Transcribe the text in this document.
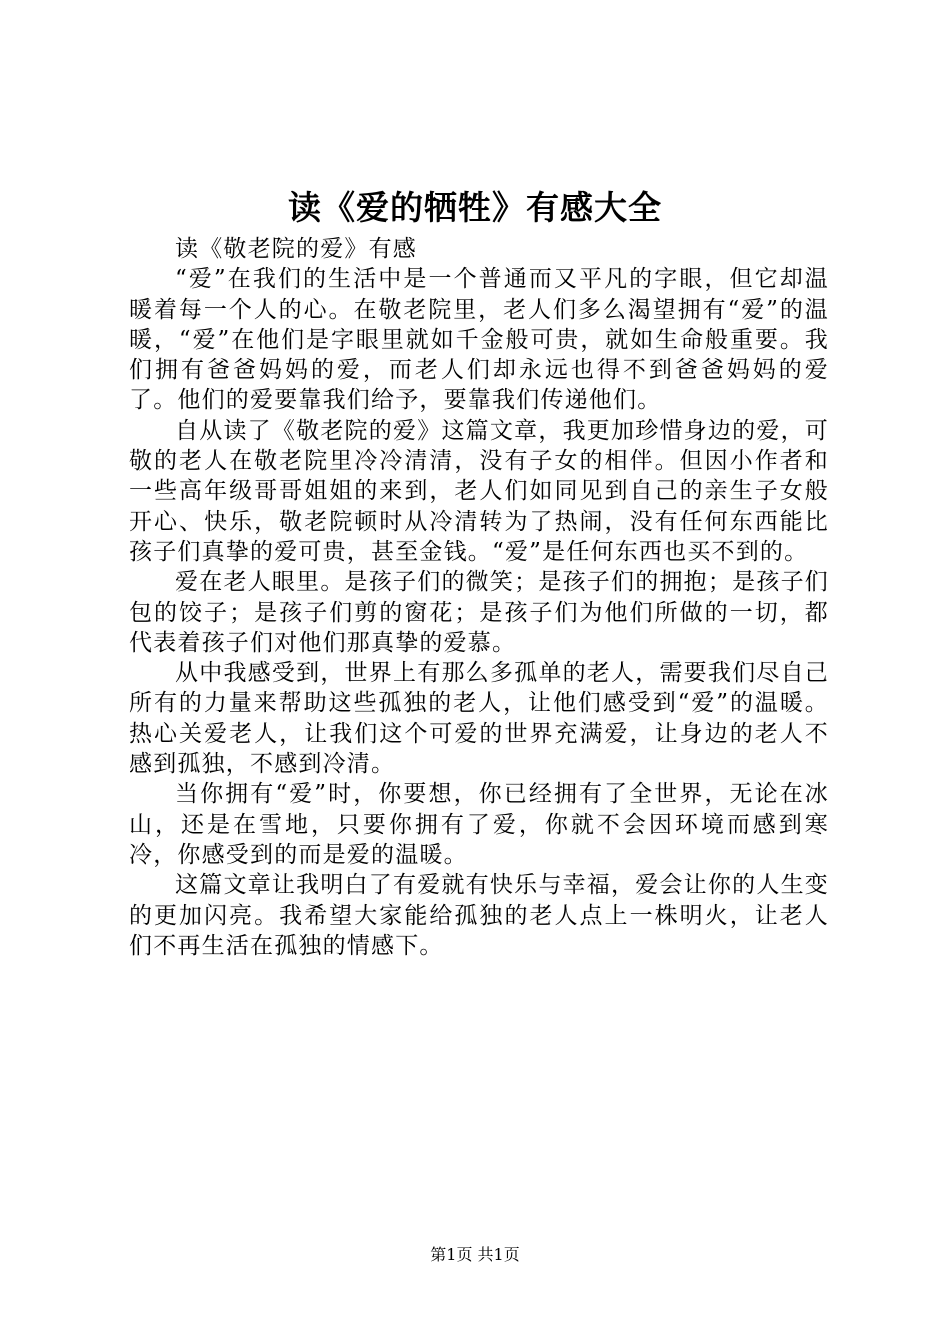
读《爱的牺牲》有感大全

读《敬老院的爱》有感

“爱”在我们的生活中是一个普通而又平凡的字眼，但它却温暖着每一个人的心。在敬老院里，老人们多么渴望拥有“爱”的温暖，“爱”在他们是字眼里就如千金般可贵，就如生命般重要。我们拥有爸爸妈妈的爱，而老人们却永远也得不到爸爸妈妈的爱了。他们的爱要靠我们给予，要靠我们传递他们。

自从读了《敬老院的爱》这篇文章，我更加珍惜身边的爱，可敬的老人在敬老院里冷冷清清，没有子女的相伴。但因小作者和一些高年级哥哥姐姐的来到，老人们如同见到自己的亲生子女般开心、快乐，敬老院顿时从冷清转为了热闹，没有任何东西能比孩子们真挚的爱可贵，甚至金钱。“爱”是任何东西也买不到的。

爱在老人眼里。是孩子们的微笑；是孩子们的拥抱；是孩子们包的饺子；是孩子们剪的窗花；是孩子们为他们所做的一切，都代表着孩子们对他们那真挚的爱慕。

从中我感受到，世界上有那么多孤单的老人，需要我们尽自己所有的力量来帮助这些孤独的老人，让他们感受到“爱”的温暖。热心关爱老人，让我们这个可爱的世界充满爱，让身边的老人不感到孤独，不感到冷清。

当你拥有“爱”时，你要想，你已经拥有了全世界，无论在冰山，还是在雪地，只要你拥有了爱，你就不会因环境而感到寒冷，你感受到的而是爱的温暖。

这篇文章让我明白了有爱就有快乐与幸福，爱会让你的人生变的更加闪亮。我希望大家能给孤独的老人点上一株明火，让老人们不再生活在孤独的情感下。

第1页 共1页
